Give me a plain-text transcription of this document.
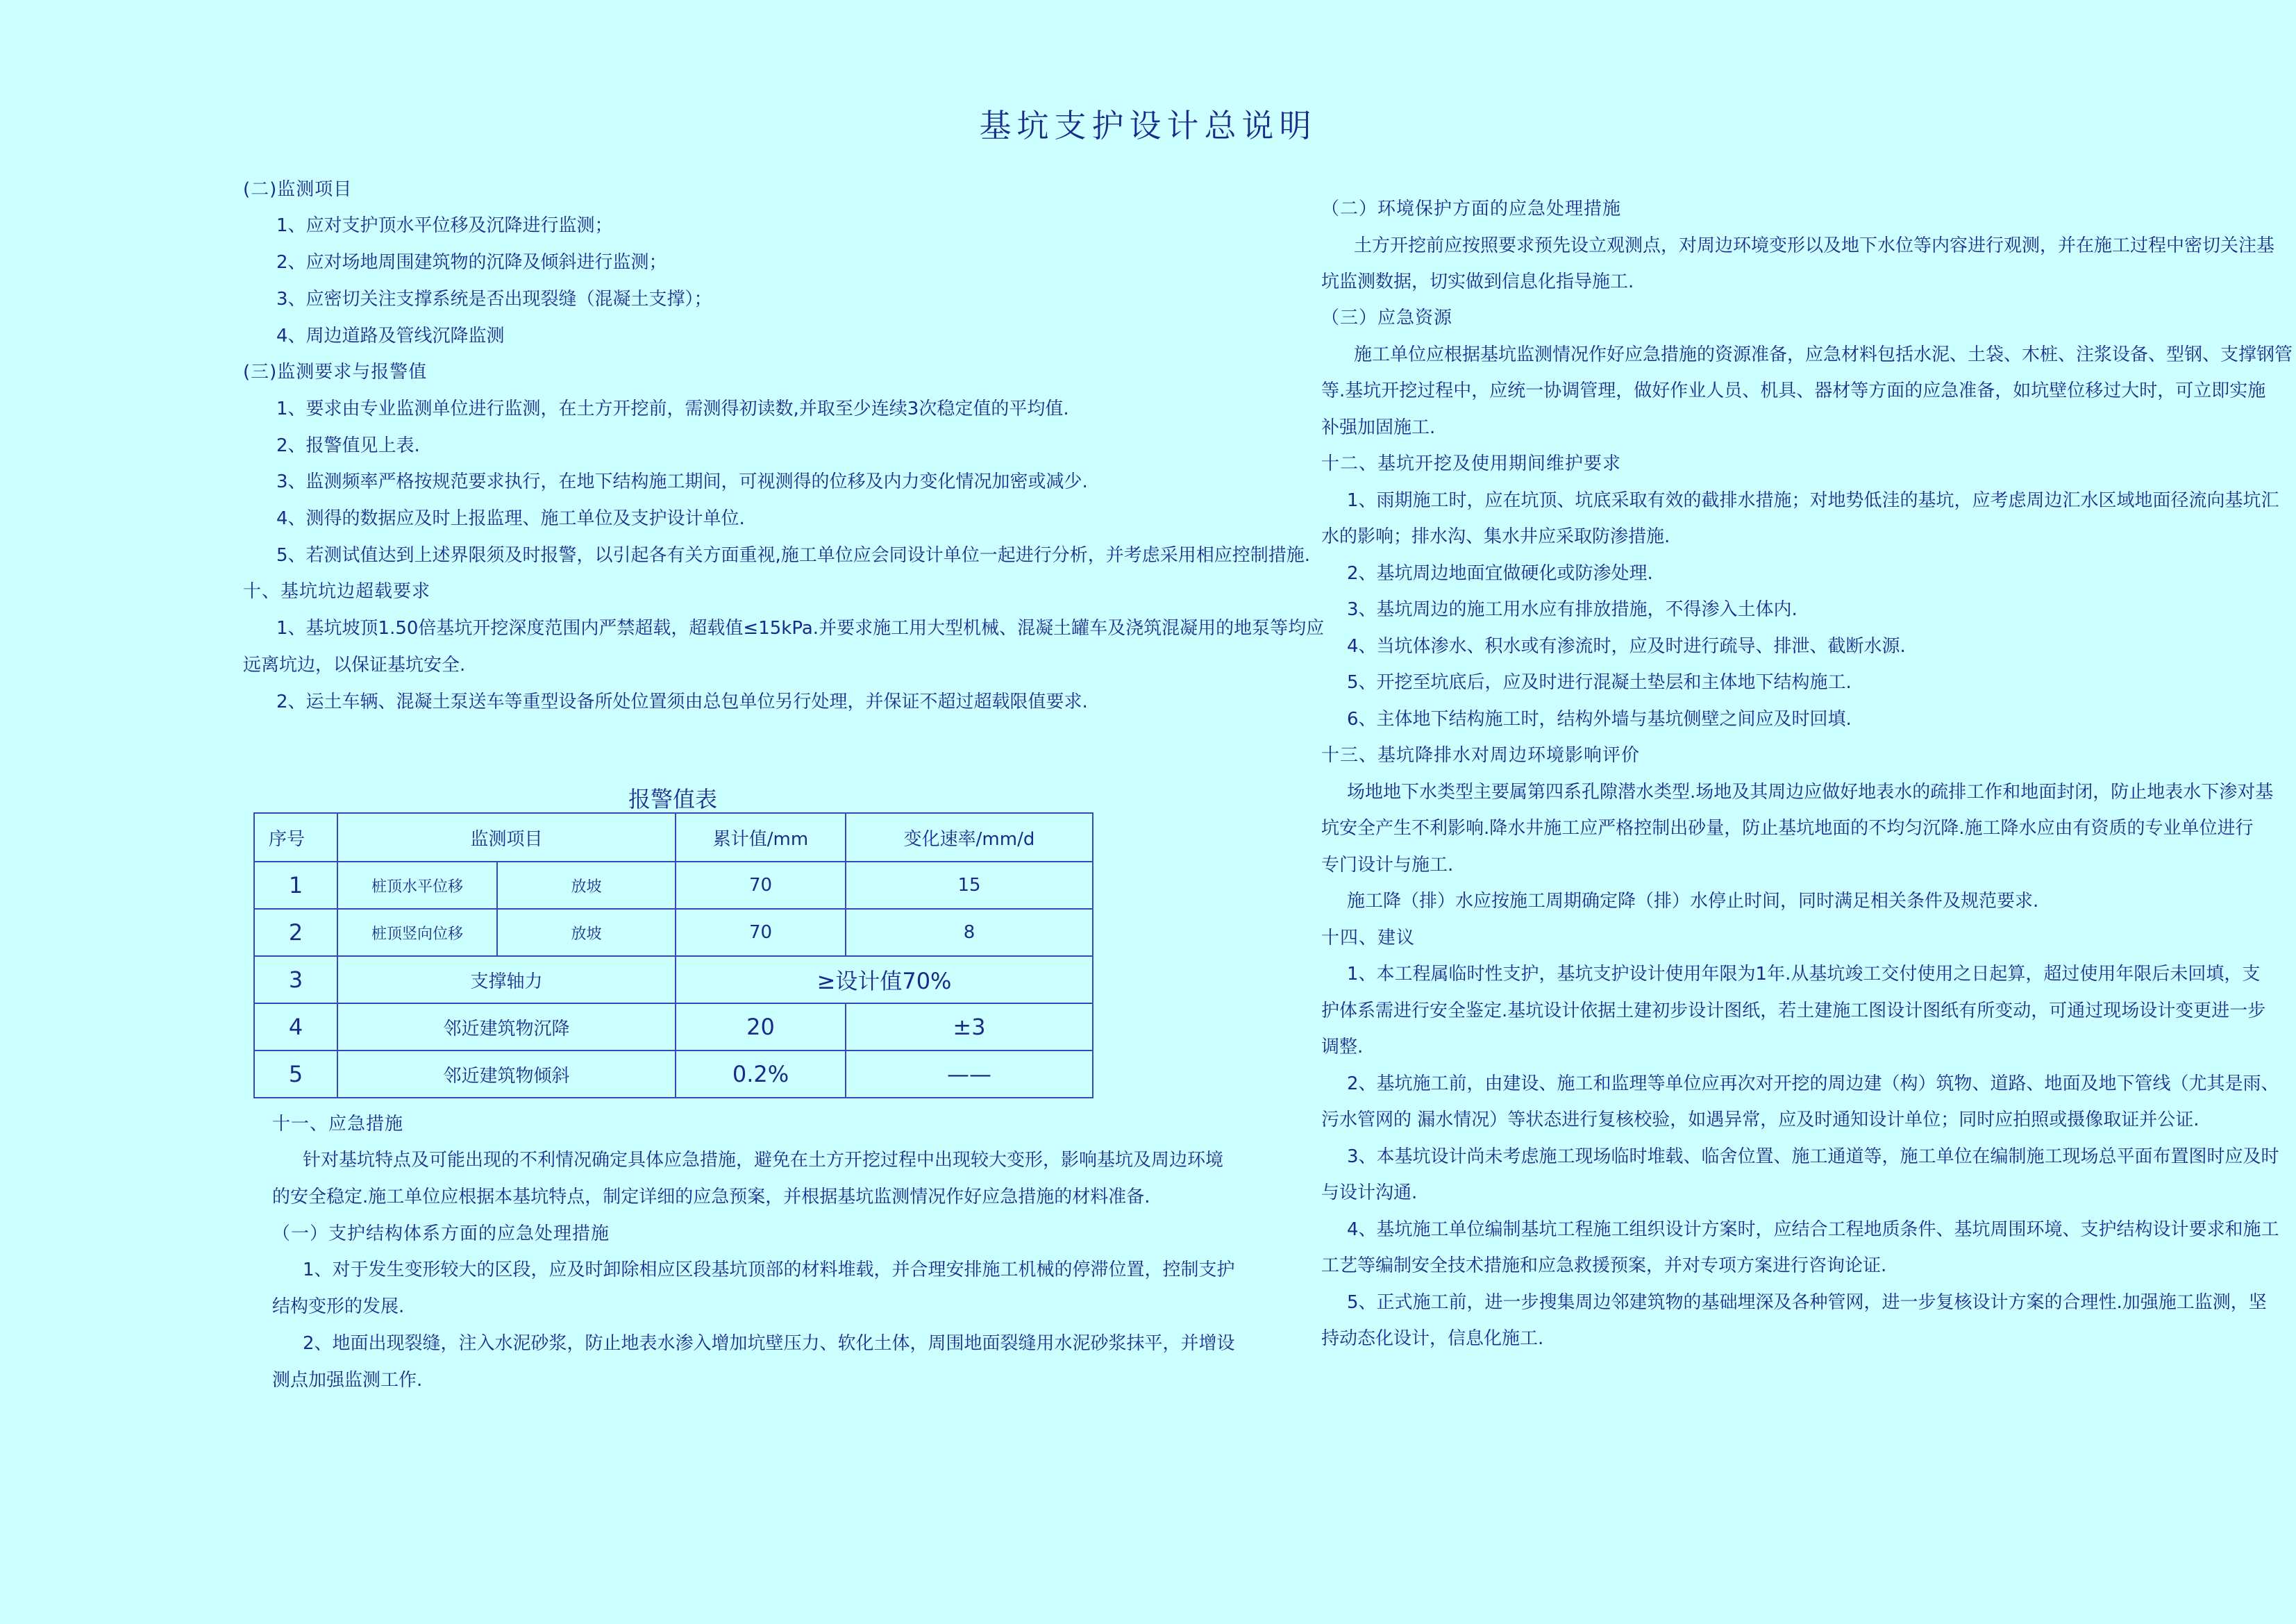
基坑支护设计总说明
(二)监测项目
1、应对支护顶水平位移及沉降进行监测；
2、应对场地周围建筑物的沉降及倾斜进行监测；
3、应密切关注支撑系统是否出现裂缝（混凝土支撑）；
4、周边道路及管线沉降监测
(三)监测要求与报警值
1、要求由专业监测单位进行监测，在土方开挖前，需测得初读数,并取至少连续3次稳定值的平均值.
2、报警值见上表.
3、监测频率严格按规范要求执行，在地下结构施工期间，可视测得的位移及内力变化情况加密或减少.
4、测得的数据应及时上报监理、施工单位及支护设计单位.
5、若测试值达到上述界限须及时报警，以引起各有关方面重视,施工单位应会同设计单位一起进行分析，并考虑采用相应控制措施.
十、基坑坑边超载要求
1、基坑坡顶1.50倍基坑开挖深度范围内严禁超载，超载值≤15kPa.并要求施工用大型机械、混凝土罐车及浇筑混凝用的地泵等均应
远离坑边，以保证基坑安全.
2、运土车辆、混凝土泵送车等重型设备所处位置须由总包单位另行处理，并保证不超过超载限值要求.
报警值表
序号	监测项目		累计值/mm	变化速率/mm/d
1	桩顶水平位移	放坡	70	15
2	桩顶竖向位移	放坡	70	8
3	支撑轴力		≥设计值70%	
4	邻近建筑物沉降		20	±3
5	邻近建筑物倾斜		0.2%	——
十一、应急措施
针对基坑特点及可能出现的不利情况确定具体应急措施，避免在土方开挖过程中出现较大变形，影响基坑及周边环境
的安全稳定.施工单位应根据本基坑特点，制定详细的应急预案，并根据基坑监测情况作好应急措施的材料准备.
（一）支护结构体系方面的应急处理措施
1、对于发生变形较大的区段，应及时卸除相应区段基坑顶部的材料堆载，并合理安排施工机械的停滞位置，控制支护
结构变形的发展.
2、地面出现裂缝，注入水泥砂浆，防止地表水渗入增加坑壁压力、软化土体，周围地面裂缝用水泥砂浆抹平，并增设
测点加强监测工作.
（二）环境保护方面的应急处理措施
土方开挖前应按照要求预先设立观测点，对周边环境变形以及地下水位等内容进行观测，并在施工过程中密切关注基
坑监测数据，切实做到信息化指导施工.
（三）应急资源
施工单位应根据基坑监测情况作好应急措施的资源准备，应急材料包括水泥、土袋、木桩、注浆设备、型钢、支撑钢管
等.基坑开挖过程中，应统一协调管理，做好作业人员、机具、器材等方面的应急准备，如坑壁位移过大时，可立即实施
补强加固施工.
十二、基坑开挖及使用期间维护要求
1、雨期施工时，应在坑顶、坑底采取有效的截排水措施；对地势低洼的基坑，应考虑周边汇水区域地面径流向基坑汇
水的影响；排水沟、集水井应采取防渗措施.
2、基坑周边地面宜做硬化或防渗处理.
3、基坑周边的施工用水应有排放措施，不得渗入土体内.
4、当坑体渗水、积水或有渗流时，应及时进行疏导、排泄、截断水源.
5、开挖至坑底后，应及时进行混凝土垫层和主体地下结构施工.
6、主体地下结构施工时，结构外墙与基坑侧壁之间应及时回填.
十三、基坑降排水对周边环境影响评价
场地地下水类型主要属第四系孔隙潜水类型.场地及其周边应做好地表水的疏排工作和地面封闭，防止地表水下渗对基
坑安全产生不利影响.降水井施工应严格控制出砂量，防止基坑地面的不均匀沉降.施工降水应由有资质的专业单位进行
专门设计与施工.
施工降（排）水应按施工周期确定降（排）水停止时间，同时满足相关条件及规范要求.
十四、建议
1、本工程属临时性支护，基坑支护设计使用年限为1年.从基坑竣工交付使用之日起算，超过使用年限后未回填，支
护体系需进行安全鉴定.基坑设计依据土建初步设计图纸，若土建施工图设计图纸有所变动，可通过现场设计变更进一步
调整.
2、基坑施工前，由建设、施工和监理等单位应再次对开挖的周边建（构）筑物、道路、地面及地下管线（尤其是雨、
污水管网的 漏水情况）等状态进行复核校验，如遇异常，应及时通知设计单位；同时应拍照或摄像取证并公证.
3、本基坑设计尚未考虑施工现场临时堆载、临舍位置、施工通道等，施工单位在编制施工现场总平面布置图时应及时
与设计沟通.
4、基坑施工单位编制基坑工程施工组织设计方案时，应结合工程地质条件、基坑周围环境、支护结构设计要求和施工
工艺等编制安全技术措施和应急救援预案，并对专项方案进行咨询论证.
5、正式施工前，进一步搜集周边邻建筑物的基础埋深及各种管网，进一步复核设计方案的合理性.加强施工监测，坚
持动态化设计，信息化施工.
